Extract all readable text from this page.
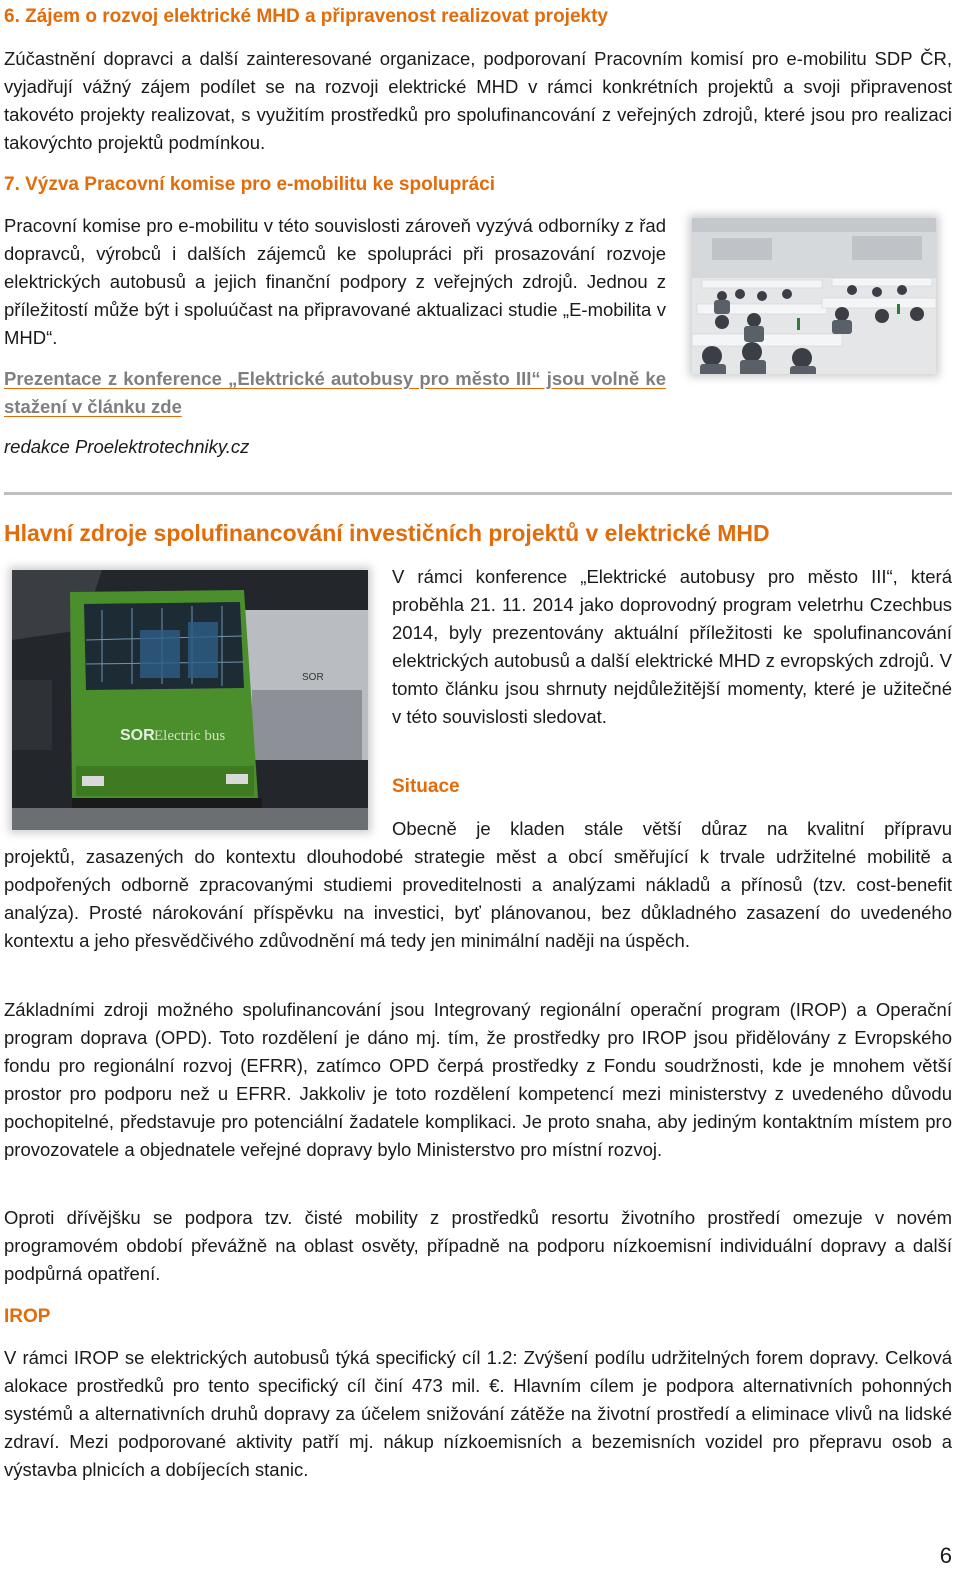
6. Zájem o rozvoj elektrické MHD a připravenost realizovat projekty

Zúčastnění dopravci a další zainteresované organizace, podporovaní Pracovním komisí pro e-mobilitu SDP ČR, vyjadřují vážný zájem podílet se na rozvoji elektrické MHD v rámci konkrétních projektů a svoji připravenost takovéto projekty realizovat, s využitím prostředků pro spolufinancování z veřejných zdrojů, které jsou pro realizaci takovýchto projektů podmínkou.

7. Výzva Pracovní komise pro e-mobilitu ke spolupráci

Pracovní komise pro e-mobilitu v této souvislosti zároveň vyzývá odborníky z řad dopravců, výrobců i dalších zájemců ke spolupráci při prosazování rozvoje elektrických autobusů a jejich finanční podpory z veřejných zdrojů. Jednou z příležitostí může být i spoluúčast na připravované aktualizaci studie „E-mobilita v MHD“.

Prezentace z konference „Elektrické autobusy pro město III“ jsou volně ke stažení v článku zde
redakce Proelektrotechniky.cz
Hlavní zdroje spolufinancování investičních projektů v elektrické MHD
SOR
SOR Electric bus

V rámci konference „Elektrické autobusy pro město III“, která proběhla 21. 11. 2014 jako doprovodný program veletrhu Czechbus 2014, byly prezentovány aktuální příležitosti ke spolufinancování elektrických autobusů a další elektrické MHD z evropských zdrojů. V tomto článku jsou shrnuty nejdůležitější momenty, které je užitečné v této souvislosti sledovat.

Situace

Obecně je kladen stále větší důraz na kvalitní přípravu

projektů, zasazených do kontextu dlouhodobé strategie měst a obcí směřující k trvale udržitelné mobilitě a podpořených odborně zpracovanými studiemi proveditelnosti a analýzami nákladů a přínosů (tzv. cost-benefit analýza). Prosté nárokování příspěvku na investici, byť plánovanou, bez důkladného zasazení do uvedeného kontextu a jeho přesvědčivého zdůvodnění má tedy jen minimální naději na úspěch.

Základními zdroji možného spolufinancování jsou Integrovaný regionální operační program (IROP) a Operační program doprava (OPD). Toto rozdělení je dáno mj. tím, že prostředky pro IROP jsou přidělovány z Evropského fondu pro regionální rozvoj (EFRR), zatímco OPD čerpá prostředky z Fondu soudržnosti, kde je mnohem větší prostor pro podporu než u EFRR. Jakkoliv je toto rozdělení kompetencí mezi ministerstvy z uvedeného důvodu pochopitelné, představuje pro potenciální žadatele komplikaci. Je proto snaha, aby jediným kontaktním místem pro provozovatele a objednatele veřejné dopravy bylo Ministerstvo pro místní rozvoj.

Oproti dřívějšku se podpora tzv. čisté mobility z prostředků resortu životního prostředí omezuje v novém programovém období převážně na oblast osvěty, případně na podporu nízkoemisní individuální dopravy a další podpůrná opatření.

IROP

V rámci IROP se elektrických autobusů týká specifický cíl 1.2: Zvýšení podílu udržitelných forem dopravy. Celková alokace prostředků pro tento specifický cíl činí 473 mil. €. Hlavním cílem je podpora alternativních pohonných systémů a alternativních druhů dopravy za účelem snižování zátěže na životní prostředí a eliminace vlivů na lidské zdraví. Mezi podporované aktivity patří mj. nákup nízkoemisních a bezemisních vozidel pro přepravu osob a výstavba plnicích a dobíjecích stanic.

6
